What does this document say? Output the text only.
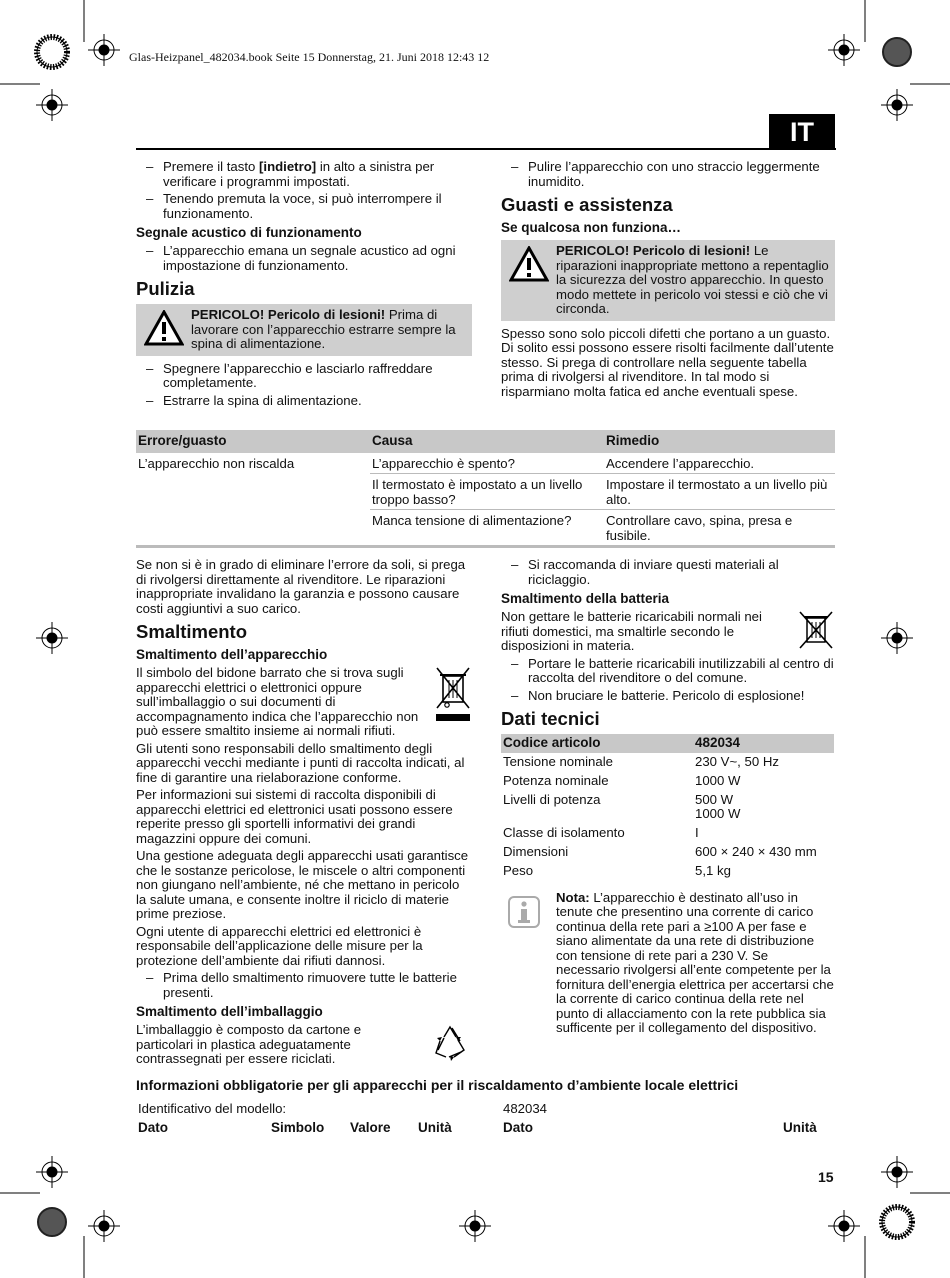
Glas-Heizpanel_482034.book Seite 15 Donnerstag, 21. Juni 2018 12:43 12
IT

– Premere il tasto [indietro] in alto a sinistra per verificare i programmi impostati.

– Tenendo premuta la voce, si può interrompere il funzionamento.

Segnale acustico di funzionamento

– L’apparecchio emana un segnale acustico ad ogni impostazione di funzionamento.

Pulizia
PERICOLO! Pericolo di lesioni! Prima di lavorare con l’apparecchio estrarre sempre la spina di alimentazione.

– Spegnere l’apparecchio e lasciarlo raffreddare completamente.

– Estrarre la spina di alimentazione.

– Pulire l’apparecchio con uno straccio leggermente inumidito.

Guasti e assistenza
Se qualcosa non funziona…
PERICOLO! Pericolo di lesioni! Le riparazioni inappropriate mettono a repentaglio la sicurezza del vostro apparecchio. In questo modo mettete in pericolo voi stessi e ciò che vi circonda.

Spesso sono solo piccoli difetti che portano a un guasto. Di solito essi possono essere risolti facilmente dall’utente stesso. Si prega di controllare nella seguente tabella prima di rivolgersi al rivenditore. In tal modo si risparmiano molta fatica ed anche eventuali spese.

Errore/guasto	Causa	Rimedio
L’apparecchio non riscalda	L’apparecchio è spento?	Accendere l’apparecchio.
	Il termostato è impostato a un livello troppo basso?	Impostare il termostato a un livello più alto.
	Manca tensione di alimentazione?	Controllare cavo, spina, presa e fusibile.

Se non si è in grado di eliminare l’errore da soli, si prega di rivolgersi direttamente al rivenditore. Le riparazioni inappropriate invalidano la garanzia e possono causare costi aggiuntivi a suo carico.

Smaltimento
Smaltimento dell’apparecchio

Il simbolo del bidone barrato che si trova sugli apparecchi elettrici o elettronici oppure sull’imballaggio o sui documenti di accompagnamento indica che l’apparecchio non può essere smaltito insieme ai normali rifiuti.

Gli utenti sono responsabili dello smaltimento degli apparecchi vecchi mediante i punti di raccolta indicati, al fine di garantire una rielaborazione conforme.

Per informazioni sui sistemi di raccolta disponibili di apparecchi elettrici ed elettronici usati possono essere reperite presso gli sportelli informativi dei grandi magazzini oppure dei comuni.

Una gestione adeguata degli apparecchi usati garantisce che le sostanze pericolose, le miscele o altri componenti non giungano nell’ambiente, né che mettano in pericolo la salute umana, e consente inoltre il riciclo di materie prime preziose.

Ogni utente di apparecchi elettrici ed elettronici è responsabile dell’applicazione delle misure per la protezione dell’ambiente dai rifiuti dannosi.

– Prima dello smaltimento rimuovere tutte le batterie presenti.

Smaltimento dell’imballaggio

L’imballaggio è composto da cartone e particolari in plastica adeguatamente contrassegnati per essere riciclati.

– Si raccomanda di inviare questi materiali al riciclaggio.

Smaltimento della batteria

Non gettare le batterie ricaricabili normali nei rifiuti domestici, ma smaltirle secondo le disposizioni in materia.

– Portare le batterie ricaricabili inutilizzabili al centro di raccolta del rivenditore o del comune.

– Non bruciare le batterie. Pericolo di esplosione!

Dati tecnici
Codice articolo	482034
Tensione nominale	230 V~, 50 Hz
Potenza nominale	1000 W
Livelli di potenza	500 W
1000 W
Classe di isolamento	I
Dimensioni	600 × 240 × 430 mm
Peso	5,1 kg
Nota: L’apparecchio è destinato all’uso in tenute che presentino una corrente di carico continua della rete pari a ≥100 A per fase e siano alimentate da una rete di distribuzione con tensione di rete pari a 230 V. Se necessario rivolgersi all’ente competente per la fornitura dell’energia elettrica per accertarsi che la corrente di carico continua della rete nel punto di allacciamento con la rete pubblica sia sufficente per il collegamento del dispositivo.
Informazioni obbligatorie per gli apparecchi per il riscaldamento d’ambiente locale elettrici
Identificativo del modello:	482034
Dato	Simbolo Valore Unità	Dato	Unità
15
